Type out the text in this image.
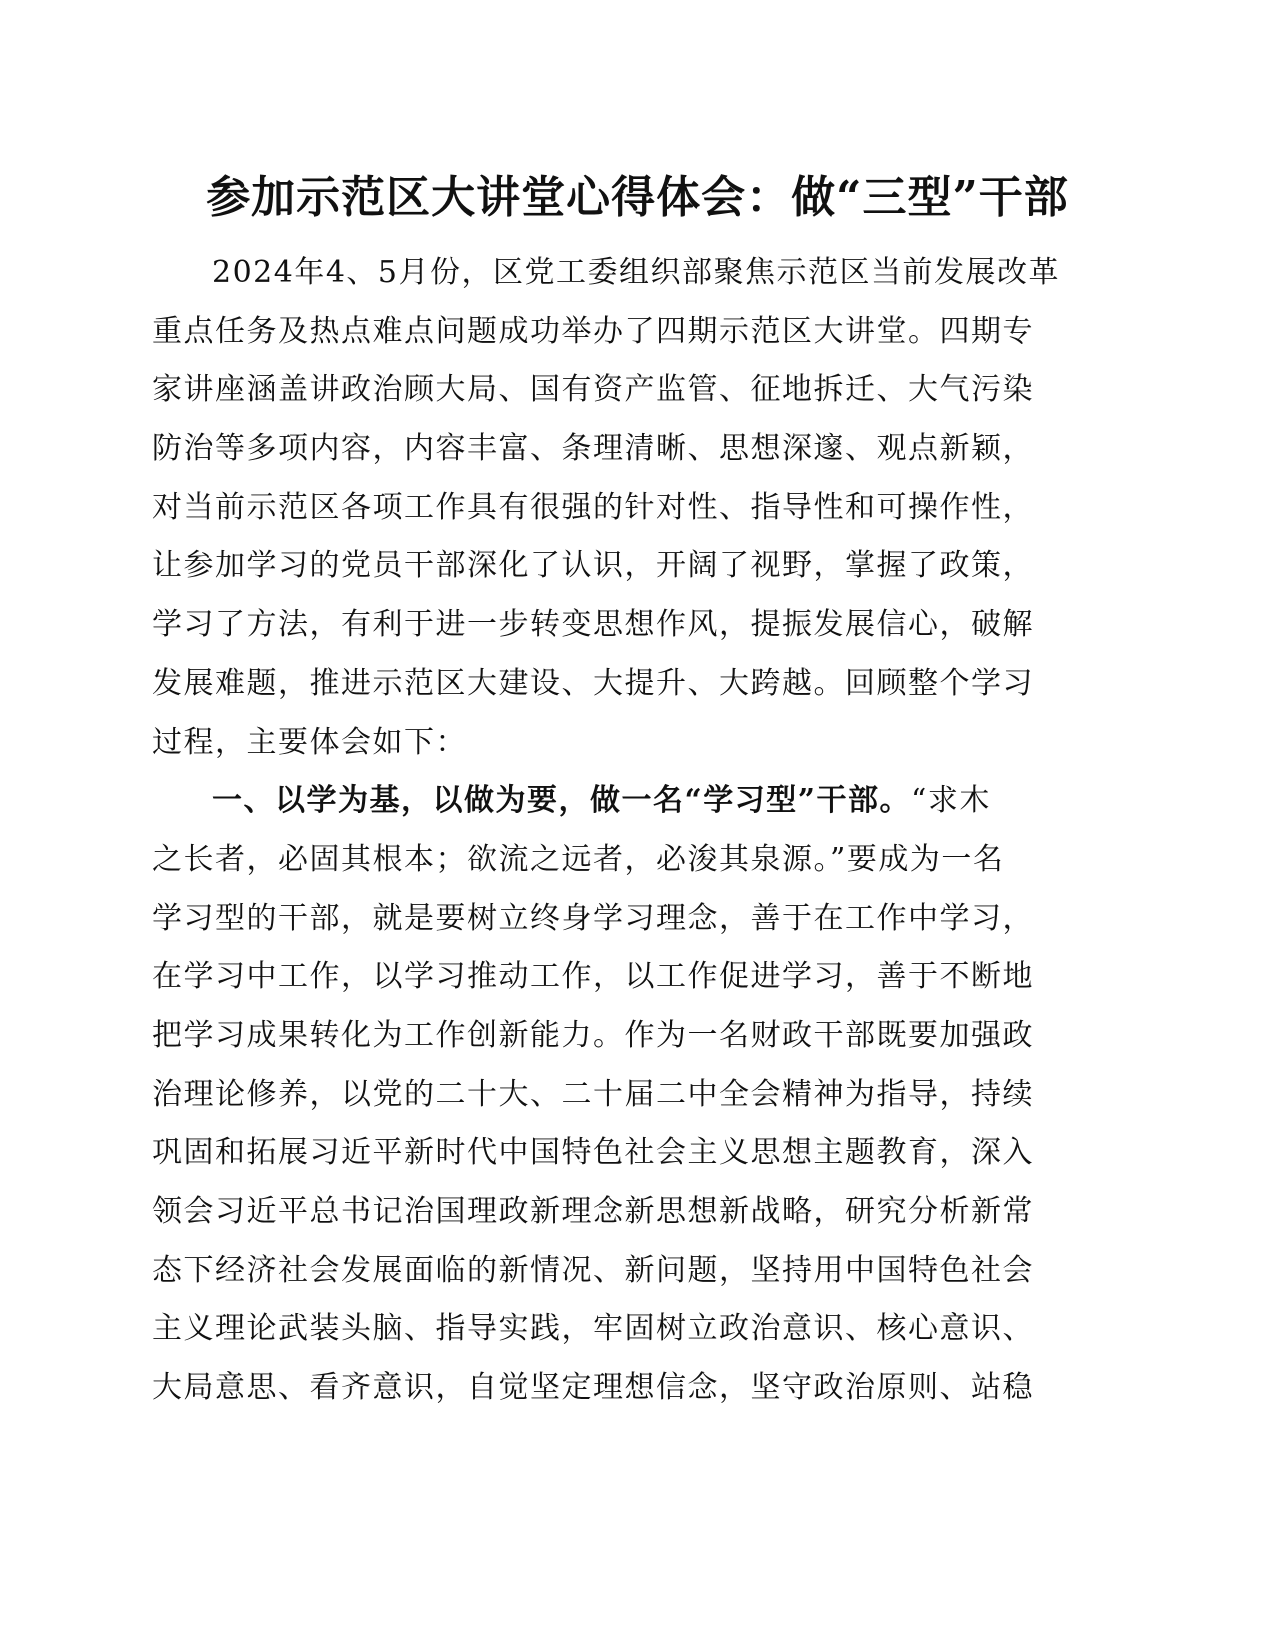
参加示范区大讲堂心得体会：做“三型”干部
2024年4、5月份，区党工委组织部聚焦示范区当前发展改革
重点任务及热点难点问题成功举办了四期示范区大讲堂。四期专
家讲座涵盖讲政治顾大局、国有资产监管、征地拆迁、大气污染
防治等多项内容，内容丰富、条理清晰、思想深邃、观点新颖，
对当前示范区各项工作具有很强的针对性、指导性和可操作性，
让参加学习的党员干部深化了认识，开阔了视野，掌握了政策，
学习了方法，有利于进一步转变思想作风，提振发展信心，破解
发展难题，推进示范区大建设、大提升、大跨越。回顾整个学习
过程，主要体会如下：
一、以学为基，以做为要，做一名“学习型”干部。“求木
之长者，必固其根本；欲流之远者，必浚其泉源。”要成为一名
学习型的干部，就是要树立终身学习理念，善于在工作中学习，
在学习中工作，以学习推动工作，以工作促进学习，善于不断地
把学习成果转化为工作创新能力。作为一名财政干部既要加强政
治理论修养，以党的二十大、二十届二中全会精神为指导，持续
巩固和拓展习近平新时代中国特色社会主义思想主题教育，深入
领会习近平总书记治国理政新理念新思想新战略，研究分析新常
态下经济社会发展面临的新情况、新问题，坚持用中国特色社会
主义理论武装头脑、指导实践，牢固树立政治意识、核心意识、
大局意思、看齐意识，自觉坚定理想信念，坚守政治原则、站稳
